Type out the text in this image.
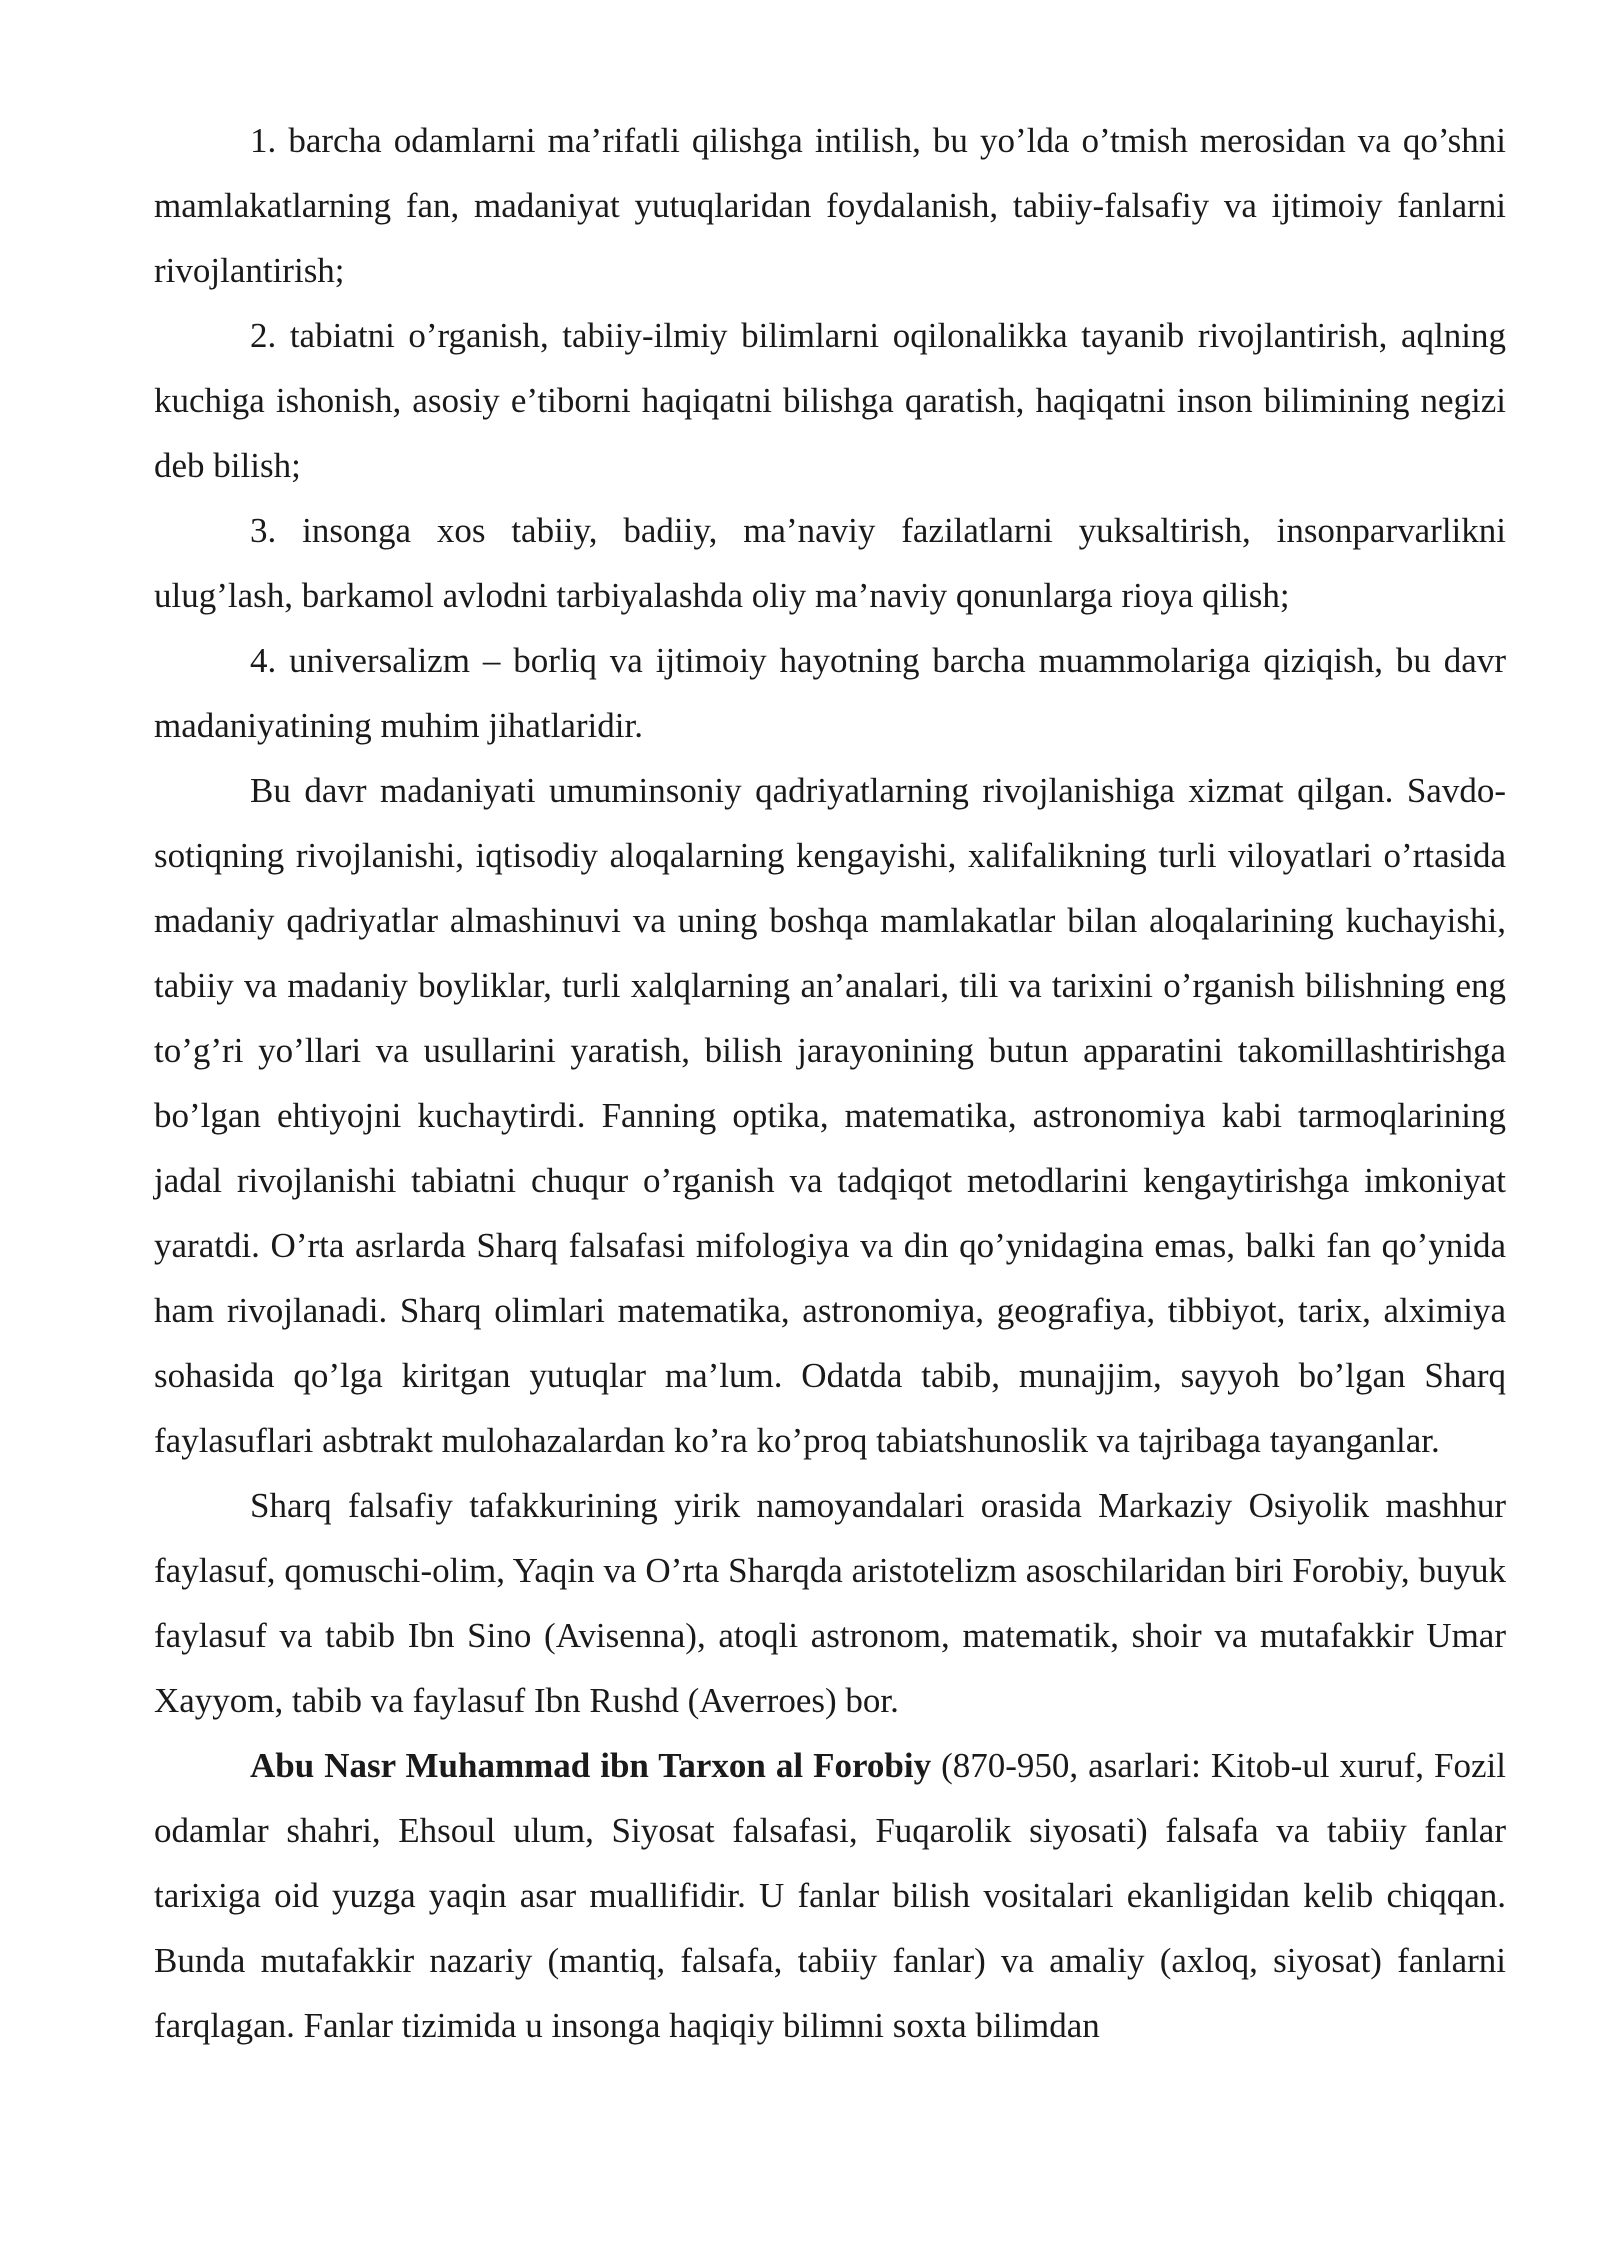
1. barcha odamlarni ma’rifatli qilishga intilish, bu yo’lda o’tmish merosidan va qo’shni mamlakatlarning fan, madaniyat yutuqlaridan foydalanish, tabiiy-falsafiy va ijtimoiy fanlarni rivojlantirish;

2. tabiatni o’rganish, tabiiy-ilmiy bilimlarni oqilonalikka tayanib rivojlantirish, aqlning kuchiga ishonish, asosiy e’tiborni haqiqatni bilishga qaratish, haqiqatni inson bilimining negizi deb bilish;

3. insonga xos tabiiy, badiiy, ma’naviy fazilatlarni yuksaltirish, insonparvarlikni ulug’lash, barkamol avlodni tarbiyalashda oliy ma’naviy qonunlarga rioya qilish;

4. universalizm – borliq va ijtimoiy hayotning barcha muammolariga qiziqish, bu davr madaniyatining muhim jihatlaridir.

Bu davr madaniyati umuminsoniy qadriyatlarning rivojlanishiga xizmat qilgan. Savdo-sotiqning rivojlanishi, iqtisodiy aloqalarning kengayishi, xalifalikning turli viloyatlari o’rtasida madaniy qadriyatlar almashinuvi va uning boshqa mamlakatlar bilan aloqalarining kuchayishi, tabiiy va madaniy boyliklar, turli xalqlarning an’analari, tili va tarixini o’rganish bilishning eng to’g’ri yo’llari va usullarini yaratish, bilish jarayonining butun apparatini takomillashtirishga bo’lgan ehtiyojni kuchaytirdi. Fanning optika, matematika, astronomiya kabi tarmoqlarining jadal rivojlanishi tabiatni chuqur o’rganish va tadqiqot metodlarini kengaytirishga imkoniyat yaratdi. O’rta asrlarda Sharq falsafasi mifologiya va din qo’ynidagina emas, balki fan qo’ynida ham rivojlanadi. Sharq olimlari matematika, astronomiya, geografiya, tibbiyot, tarix, alximiya sohasida qo’lga kiritgan yutuqlar ma’lum. Odatda tabib, munajjim, sayyoh bo’lgan Sharq faylasuflari asbtrakt mulohazalardan ko’ra ko’proq tabiatshunoslik va tajribaga tayanganlar.

Sharq falsafiy tafakkurining yirik namoyandalari orasida Markaziy Osiyolik mashhur faylasuf, qomuschi-olim, Yaqin va O’rta Sharqda aristotelizm asoschilaridan biri Forobiy, buyuk faylasuf va tabib Ibn Sino (Avisenna), atoqli astronom, matematik, shoir va mutafakkir Umar Xayyom, tabib va faylasuf Ibn Rushd (Averroes) bor.

Abu Nasr Muhammad ibn Tarxon al Forobiy (870-950, asarlari: Kitob-ul xuruf, Fozil odamlar shahri, Ehsoul ulum, Siyosat falsafasi, Fuqarolik siyosati) falsafa va tabiiy fanlar tarixiga oid yuzga yaqin asar muallifidir. U fanlar bilish vositalari ekanligidan kelib chiqqan. Bunda mutafakkir nazariy (mantiq, falsafa, tabiiy fanlar) va amaliy (axloq, siyosat) fanlarni farqlagan. Fanlar tizimida u insonga haqiqiy bilimni soxta bilimdan
